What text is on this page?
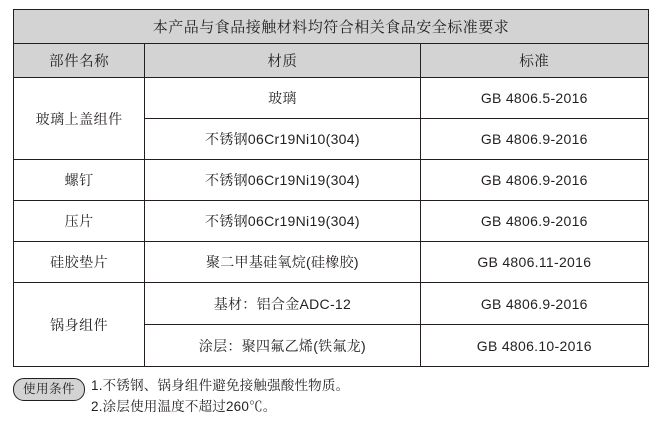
本产品与食品接触材料均符合相关食品安全标准要求		
部件名称	材质	标准
玻璃上盖组件	玻璃	GB 4806.5-2016
	不锈钢06Cr19Ni10(304)	GB 4806.9-2016
螺钉	不锈钢06Cr19Ni19(304)	GB 4806.9-2016
压片	不锈钢06Cr19Ni19(304)	GB 4806.9-2016
硅胶垫片	聚二甲基硅氧烷(硅橡胶)	GB 4806.11-2016
锅身组件	基材：铝合金ADC-12	GB 4806.9-2016
	涂层：聚四氟乙烯(铁氟龙)	GB 4806.10-2016
使用条件	1.不锈钢、锅身组件避免接触强酸性物质。
2.涂层使用温度不超过260℃。
